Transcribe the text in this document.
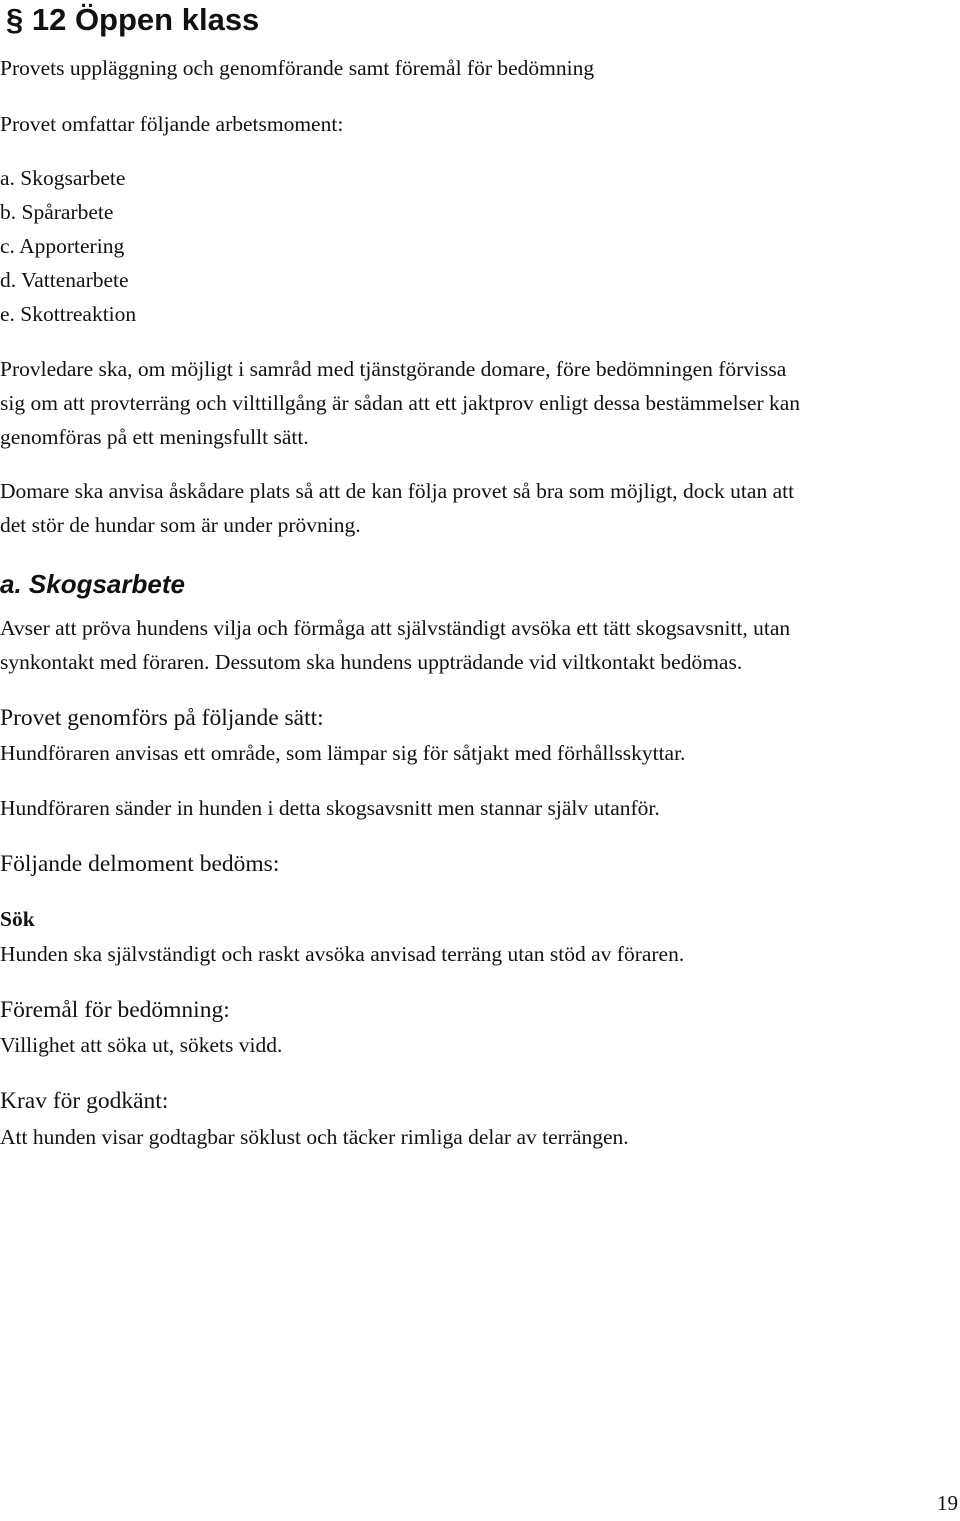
§ 12 Öppen klass

Provets uppläggning och genomförande samt föremål för bedömning

Provet omfattar följande arbetsmoment:

a. Skogsarbete
b. Spårarbete
c. Apportering
d. Vattenarbete
e. Skottreaktion

Provledare ska, om möjligt i samråd med tjänstgörande domare, före bedömningen förvissa

sig om att provterräng och vilttillgång är sådan att ett jaktprov enligt dessa bestämmelser kan

genomföras på ett meningsfullt sätt.

Domare ska anvisa åskådare plats så att de kan följa provet så bra som möjligt, dock utan att

det stör de hundar som är under prövning.

a. Skogsarbete

Avser att pröva hundens vilja och förmåga att självständigt avsöka ett tätt skogsavsnitt, utan

synkontakt med föraren. Dessutom ska hundens uppträdande vid viltkontakt bedömas.

Provet genomförs på följande sätt:

Hundföraren anvisas ett område, som lämpar sig för såtjakt med förhållsskyttar.

Hundföraren sänder in hunden i detta skogsavsnitt men stannar själv utanför.

Följande delmoment bedöms:

Sök

Hunden ska självständigt och raskt avsöka anvisad terräng utan stöd av föraren.

Föremål för bedömning:

Villighet att söka ut, sökets vidd.

Krav för godkänt:

Att hunden visar godtagbar söklust och täcker rimliga delar av terrängen.

19
